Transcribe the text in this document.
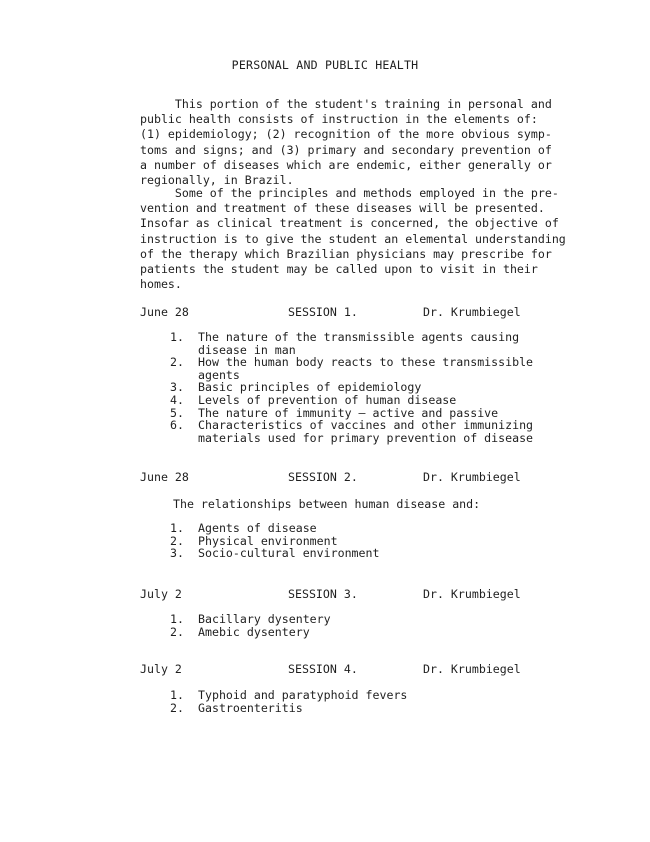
PERSONAL AND PUBLIC HEALTH
This portion of the student's training in personal and
public health consists of instruction in the elements of:
(1) epidemiology; (2) recognition of the more obvious symp-
toms and signs; and (3) primary and secondary prevention of
a number of diseases which are endemic, either generally or
regionally, in Brazil.
Some of the principles and methods employed in the pre-
vention and treatment of these diseases will be presented.
Insofar as clinical treatment is concerned, the objective of
instruction is to give the student an elemental understanding
of the therapy which Brazilian physicians may prescribe for
patients the student may be called upon to visit in their
homes.
June 28	SESSION 1.	Dr. Krumbiegel
1. The nature of the transmissible agents causing
disease in man
2. How the human body reacts to these transmissible
agents
3. Basic principles of epidemiology
4. Levels of prevention of human disease
5. The nature of immunity — active and passive
6. Characteristics of vaccines and other immunizing
materials used for primary prevention of disease
June 28	SESSION 2.	Dr. Krumbiegel
The relationships between human disease and:
1. Agents of disease
2. Physical environment
3. Socio-cultural environment
July 2	SESSION 3.	Dr. Krumbiegel
1. Bacillary dysentery
2. Amebic dysentery
July 2	SESSION 4.	Dr. Krumbiegel
1. Typhoid and paratyphoid fevers
2. Gastroenteritis
